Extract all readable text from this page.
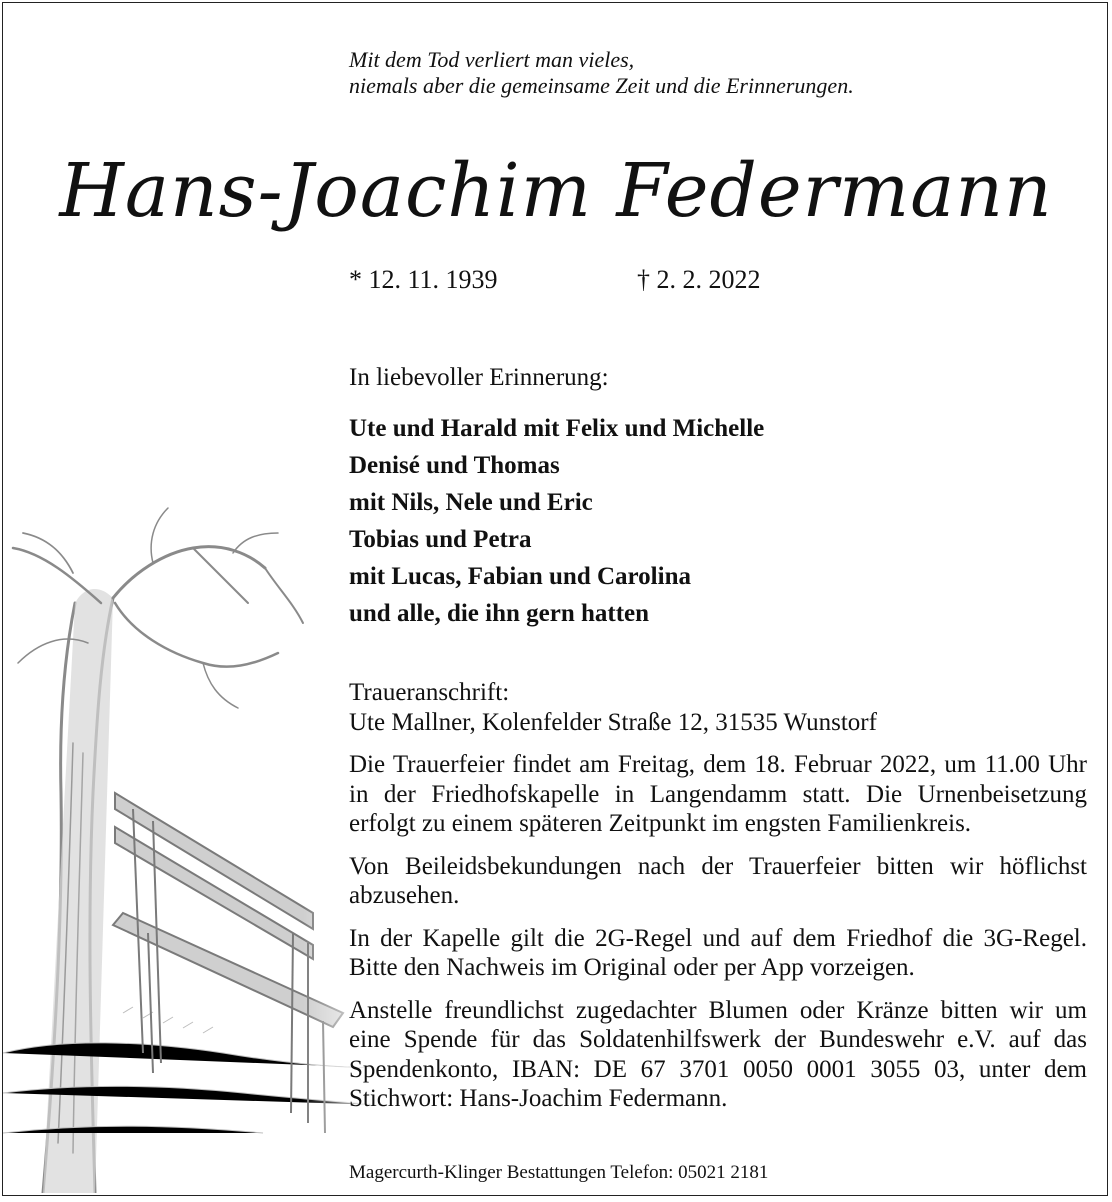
Mit dem Tod verliert man vieles,
niemals aber die gemeinsame Zeit und die Erinnerungen.
Hans-Joachim Federmann
* 12. 11. 1939	† 2. 2. 2022
In liebevoller Erinnerung:
Ute und Harald mit Felix und Michelle
Denisé und Thomas
mit Nils, Nele und Eric
Tobias und Petra
mit Lucas, Fabian und Carolina
und alle, die ihn gern hatten
Traueranschrift:
Ute Mallner, Kolenfelder Straße 12, 31535 Wunstorf

Die Trauerfeier findet am Freitag, dem 18. Februar 2022, um 11.00 Uhr in der Friedhofskapelle in Langendamm statt. Die Urnenbeisetzung erfolgt zu einem späteren Zeitpunkt im engsten Familienkreis.

Von Beileidsbekundungen nach der Trauerfeier bitten wir höflichst abzusehen.

In der Kapelle gilt die 2G-Regel und auf dem Friedhof die 3G-Regel. Bitte den Nachweis im Original oder per App vorzeigen.

Anstelle freundlichst zugedachter Blumen oder Kränze bitten wir um eine Spende für das Soldatenhilfswerk der Bundeswehr e.V. auf das Spendenkonto, IBAN: DE 67 3701 0050 0001 3055 03, unter dem Stichwort: Hans-Joachim Federmann.

Magercurth-Klinger Bestattungen Telefon: 05021 2181
